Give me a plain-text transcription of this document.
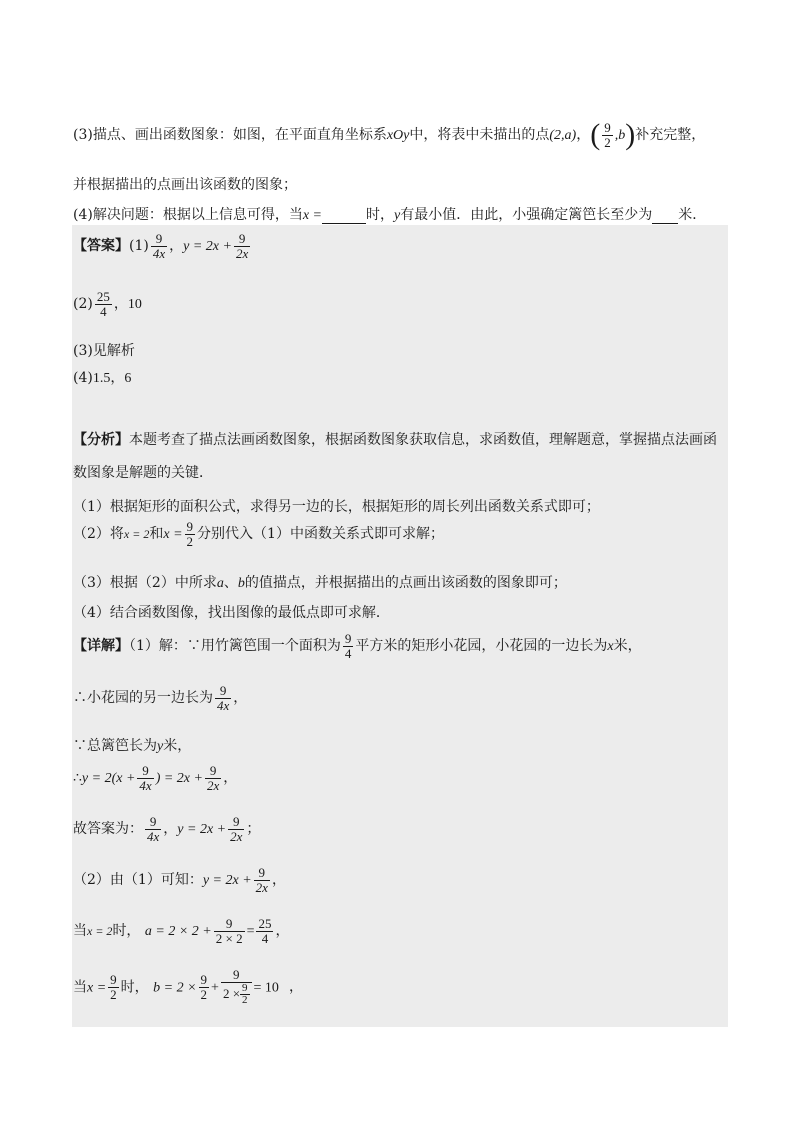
(3)描点、画出函数图象：如图，在平面直角坐标系xOy中，将表中未描出的点(2,a)，( $\frac{9}{2} ,b$)补充完整，
并根据描出的点画出该函数的图象；
(4)解决问题：根据以上信息可得，当x =	时，y有最小值．由此，小强确定篱笆长至少为 米．
【答案】$(1) \frac{9}{4x}$ ，$y = 2x + \frac{9}{2x}$
$(2) \frac{25}{4}$ ，10
(3)见解析
(4)1.5，6
【分析】本题考查了描点法画函数图象，根据函数图象获取信息，求函数值，理解题意，掌握描点法画函
数图象是解题的关键．
（1）根据矩形的面积公式，求得另一边的长，根据矩形的周长列出函数关系式即可；
（2）将x = 2和$x = \frac{9}{2}$ 分别代入（1）中函数关系式即可求解；
（3）根据（2）中所求a、b的值描点，并根据描出的点画出该函数的图象即可；
（4）结合函数图像，找出图像的最低点即可求解．
【详解】（1）解：∵用竹篱笆围一个面积为 $\frac{9}{4}$ 平方米的矩形小花园，小花园的一边长为x米，
∴小花园的另一边长为 $\frac{9}{4x}$ ，
∵总篱笆长为y米，
∴y = $2(x + \frac{9}{4x}$ ) = $2x + \frac{9}{2x}$ ，
故答案为： $\frac{9}{4x}$ ，$y = 2x + \frac{9}{2x}$ ；
（2）由（1）可知：$y = 2x + \frac{9}{2x}$ ，
当x = 2时， $a = 2 \times 2 + \frac{9}{2 \times 2} = \frac{25}{4}$ ，
当$x = \frac{9}{2}$ 时， $b = 2 \times \frac{9}{2} + \frac{9}{2 \times \frac{9}{2}} = 10$ ，
